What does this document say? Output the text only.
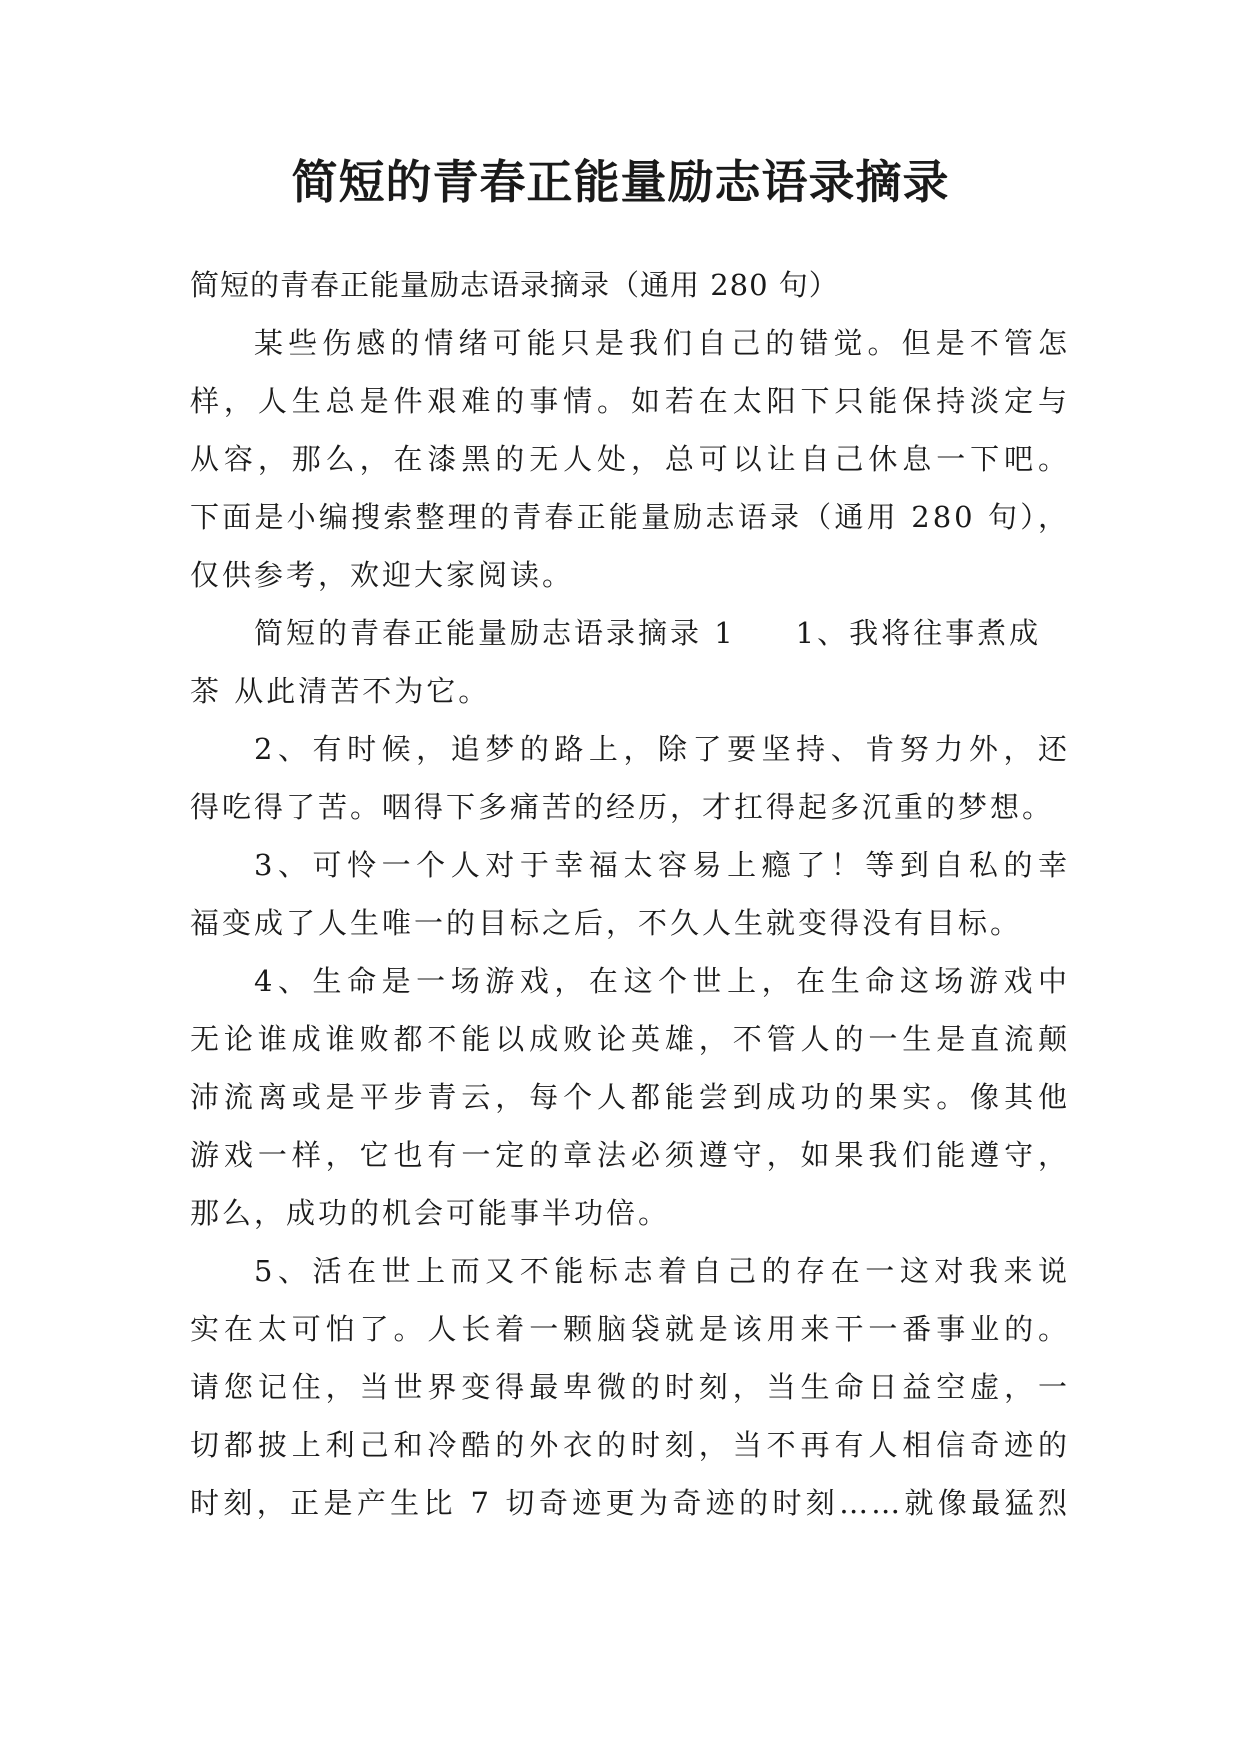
简短的青春正能量励志语录摘录

简短的青春正能量励志语录摘录（通用 280 句）

某些伤感的情绪可能只是我们自己的错觉。但是不管怎

样，人生总是件艰难的事情。如若在太阳下只能保持淡定与

从容，那么，在漆黑的无人处，总可以让自己休息一下吧。

下面是小编搜索整理的青春正能量励志语录（通用 280 句），

仅供参考，欢迎大家阅读。

简短的青春正能量励志语录摘录 1 1、我将往事煮成

茶 从此清苦不为它。

2、有时候，追梦的路上，除了要坚持、肯努力外，还

得吃得了苦。咽得下多痛苦的经历，才扛得起多沉重的梦想。

3、可怜一个人对于幸福太容易上瘾了！等到自私的幸

福变成了人生唯一的目标之后，不久人生就变得没有目标。

4、生命是一场游戏，在这个世上，在生命这场游戏中

无论谁成谁败都不能以成败论英雄，不管人的一生是直流颠

沛流离或是平步青云，每个人都能尝到成功的果实。像其他

游戏一样，它也有一定的章法必须遵守，如果我们能遵守，

那么，成功的机会可能事半功倍。

5、活在世上而又不能标志着自己的存在一这对我来说

实在太可怕了。人长着一颗脑袋就是该用来干一番事业的。

请您记住，当世界变得最卑微的时刻，当生命日益空虚，一

切都披上利己和冷酷的外衣的时刻，当不再有人相信奇迹的

时刻，正是产生比 7 切奇迹更为奇迹的时刻……就像最猛烈
